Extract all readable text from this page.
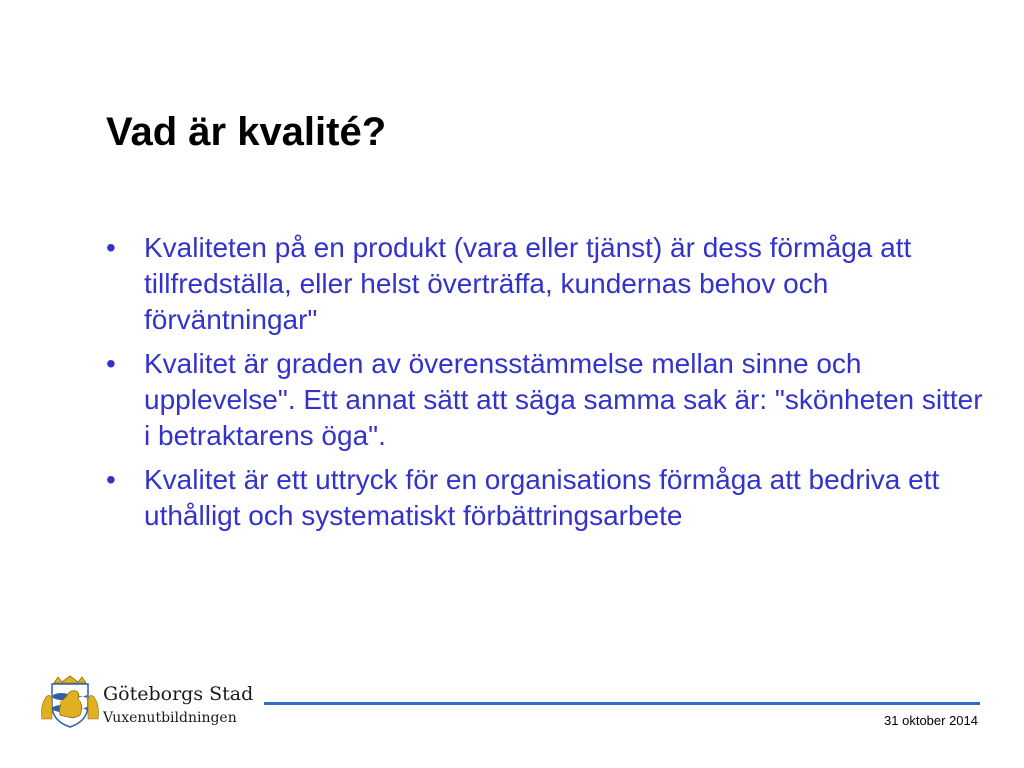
Vad är kvalité?
•	Kvaliteten på en produkt (vara eller tjänst) är dess förmåga att tillfredställa, eller helst överträffa, kundernas behov och förväntningar"
•	Kvalitet är graden av överensstämmelse mellan sinne och upplevelse". Ett annat sätt att säga samma sak är: "skönheten sitter i betraktarens öga".
•	Kvalitet är ett uttryck för en organisations förmåga att bedriva ett uthålligt och systematiskt förbättringsarbete
Göteborgs Stad
Vuxenutbildningen	31 oktober 2014
